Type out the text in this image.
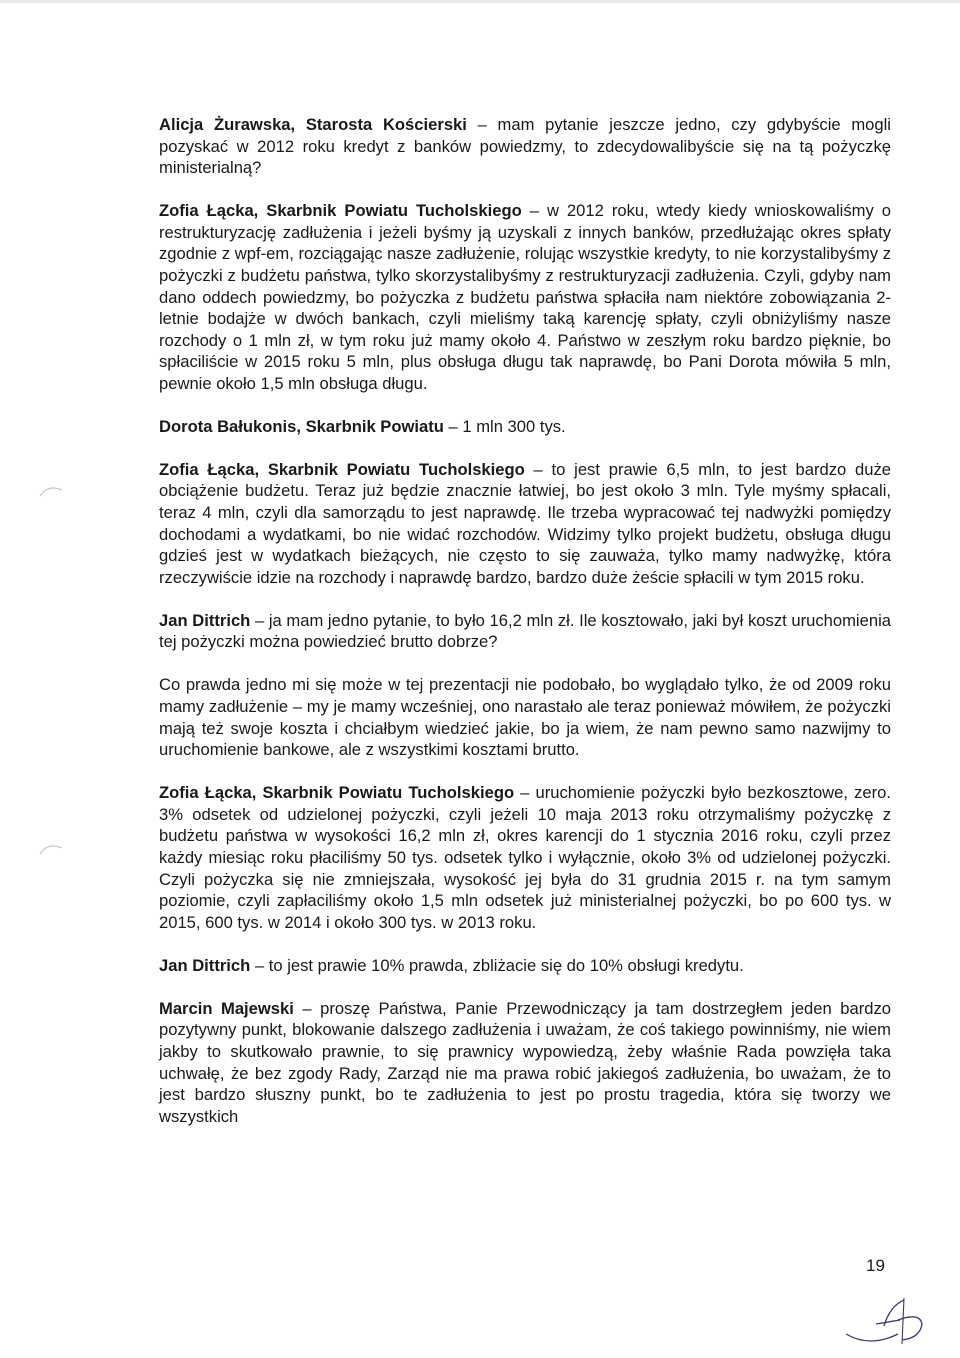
Alicja Żurawska, Starosta Kościerski – mam pytanie jeszcze jedno, czy gdybyście mogli pozyskać w 2012 roku kredyt z banków powiedzmy, to zdecydowalibyście się na tą pożyczkę ministerialną?

Zofia Łącka, Skarbnik Powiatu Tucholskiego – w 2012 roku, wtedy kiedy wnioskowaliśmy o restrukturyzację zadłużenia i jeżeli byśmy ją uzyskali z innych banków, przedłużając okres spłaty zgodnie z wpf-em, rozciągając nasze zadłużenie, rolując wszystkie kredyty, to nie korzystalibyśmy z pożyczki z budżetu państwa, tylko skorzystalibyśmy z restrukturyzacji zadłużenia. Czyli, gdyby nam dano oddech powiedzmy, bo pożyczka z budżetu państwa spłaciła nam niektóre zobowiązania 2-letnie bodajże w dwóch bankach, czyli mieliśmy taką karencję spłaty, czyli obniżyliśmy nasze rozchody o 1 mln zł, w tym roku już mamy około 4. Państwo w zeszłym roku bardzo pięknie, bo spłaciliście w 2015 roku 5 mln, plus obsługa długu tak naprawdę, bo Pani Dorota mówiła 5 mln, pewnie około 1,5 mln obsługa długu.

Dorota Bałukonis, Skarbnik Powiatu – 1 mln 300 tys.

Zofia Łącka, Skarbnik Powiatu Tucholskiego – to jest prawie 6,5 mln, to jest bardzo duże obciążenie budżetu. Teraz już będzie znacznie łatwiej, bo jest około 3 mln. Tyle myśmy spłacali, teraz 4 mln, czyli dla samorządu to jest naprawdę. Ile trzeba wypracować tej nadwyżki pomiędzy dochodami a wydatkami, bo nie widać rozchodów. Widzimy tylko projekt budżetu, obsługa długu gdzieś jest w wydatkach bieżących, nie często to się zauważa, tylko mamy nadwyżkę, która rzeczywiście idzie na rozchody i naprawdę bardzo, bardzo duże żeście spłacili w tym 2015 roku.

Jan Dittrich – ja mam jedno pytanie, to było 16,2 mln zł. Ile kosztowało, jaki był koszt uruchomienia tej pożyczki można powiedzieć brutto dobrze?

Co prawda jedno mi się może w tej prezentacji nie podobało, bo wyglądało tylko, że od 2009 roku mamy zadłużenie – my je mamy wcześniej, ono narastało ale teraz ponieważ mówiłem, że pożyczki mają też swoje koszta i chciałbym wiedzieć jakie, bo ja wiem, że nam pewno samo nazwijmy to uruchomienie bankowe, ale z wszystkimi kosztami brutto.

Zofia Łącka, Skarbnik Powiatu Tucholskiego – uruchomienie pożyczki było bezkosztowe, zero. 3% odsetek od udzielonej pożyczki, czyli jeżeli 10 maja 2013 roku otrzymaliśmy pożyczkę z budżetu państwa w wysokości 16,2 mln zł, okres karencji do 1 stycznia 2016 roku, czyli przez każdy miesiąc roku płaciliśmy 50 tys. odsetek tylko i wyłącznie, około 3% od udzielonej pożyczki. Czyli pożyczka się nie zmniejszała, wysokość jej była do 31 grudnia 2015 r. na tym samym poziomie, czyli zapłaciliśmy około 1,5 mln odsetek już ministerialnej pożyczki, bo po 600 tys. w 2015, 600 tys. w 2014 i około 300 tys. w 2013 roku.

Jan Dittrich – to jest prawie 10% prawda, zbliżacie się do 10% obsługi kredytu.

Marcin Majewski – proszę Państwa, Panie Przewodniczący ja tam dostrzegłem jeden bardzo pozytywny punkt, blokowanie dalszego zadłużenia i uważam, że coś takiego powinniśmy, nie wiem jakby to skutkowało prawnie, to się prawnicy wypowiedzą, żeby właśnie Rada powzięła taka uchwałę, że bez zgody Rady, Zarząd nie ma prawa robić jakiegoś zadłużenia, bo uważam, że to jest bardzo słuszny punkt, bo te zadłużenia to jest po prostu tragedia, która się tworzy we wszystkich

19
